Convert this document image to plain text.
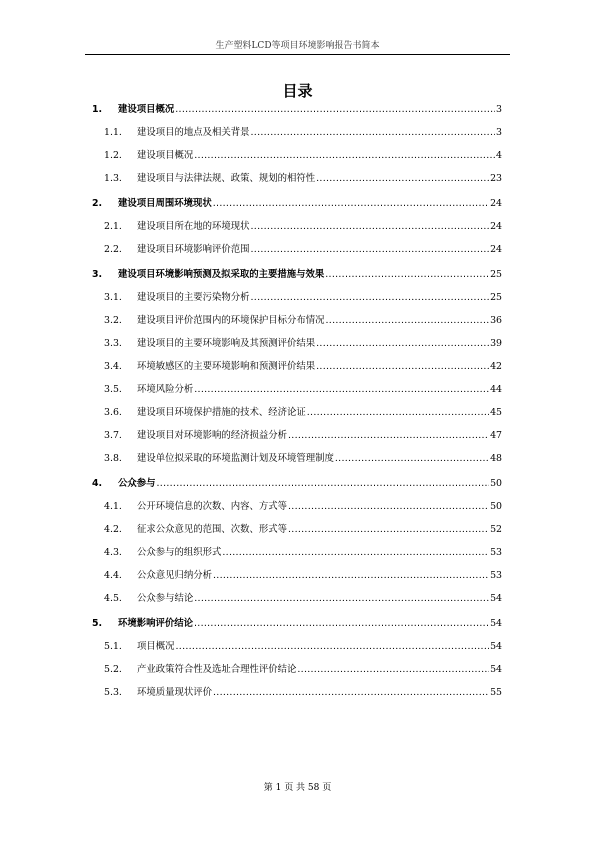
生产塑料LCD等项目环境影响报告书简本
目录
1.	建设项目概况 .....	3
1.1.	建设项目的地点及相关背景 .....	3
1.2.	建设项目概况 .....	4
1.3.	建设项目与法律法规、政策、规划的相符性 .....	23
2.	建设项目周围环境现状 .....	24
2.1.	建设项目所在地的环境现状 .....	24
2.2.	建设项目环境影响评价范围 .....	24
3.	建设项目环境影响预测及拟采取的主要措施与效果 .....	25
3.1.	建设项目的主要污染物分析 .....	25
3.2.	建设项目评价范围内的环境保护目标分布情况 .....	36
3.3.	建设项目的主要环境影响及其预测评价结果 .....	39
3.4.	环境敏感区的主要环境影响和预测评价结果 .....	42
3.5.	环境风险分析 .....	44
3.6.	建设项目环境保护措施的技术、经济论证 .....	45
3.7.	建设项目对环境影响的经济损益分析 .....	47
3.8.	建设单位拟采取的环境监测计划及环境管理制度 .....	48
4.	公众参与 .....	50
4.1.	公开环境信息的次数、内容、方式等 .....	50
4.2.	征求公众意见的范围、次数、形式等 .....	52
4.3.	公众参与的组织形式 .....	53
4.4.	公众意见归纳分析 .....	53
4.5.	公众参与结论 .....	54
5.	环境影响评价结论 .....	54
5.1.	项目概况 .....	54
5.2.	产业政策符合性及选址合理性评价结论 .....	54
5.3.	环境质量现状评价 .....	55
第 1 页 共 58 页
